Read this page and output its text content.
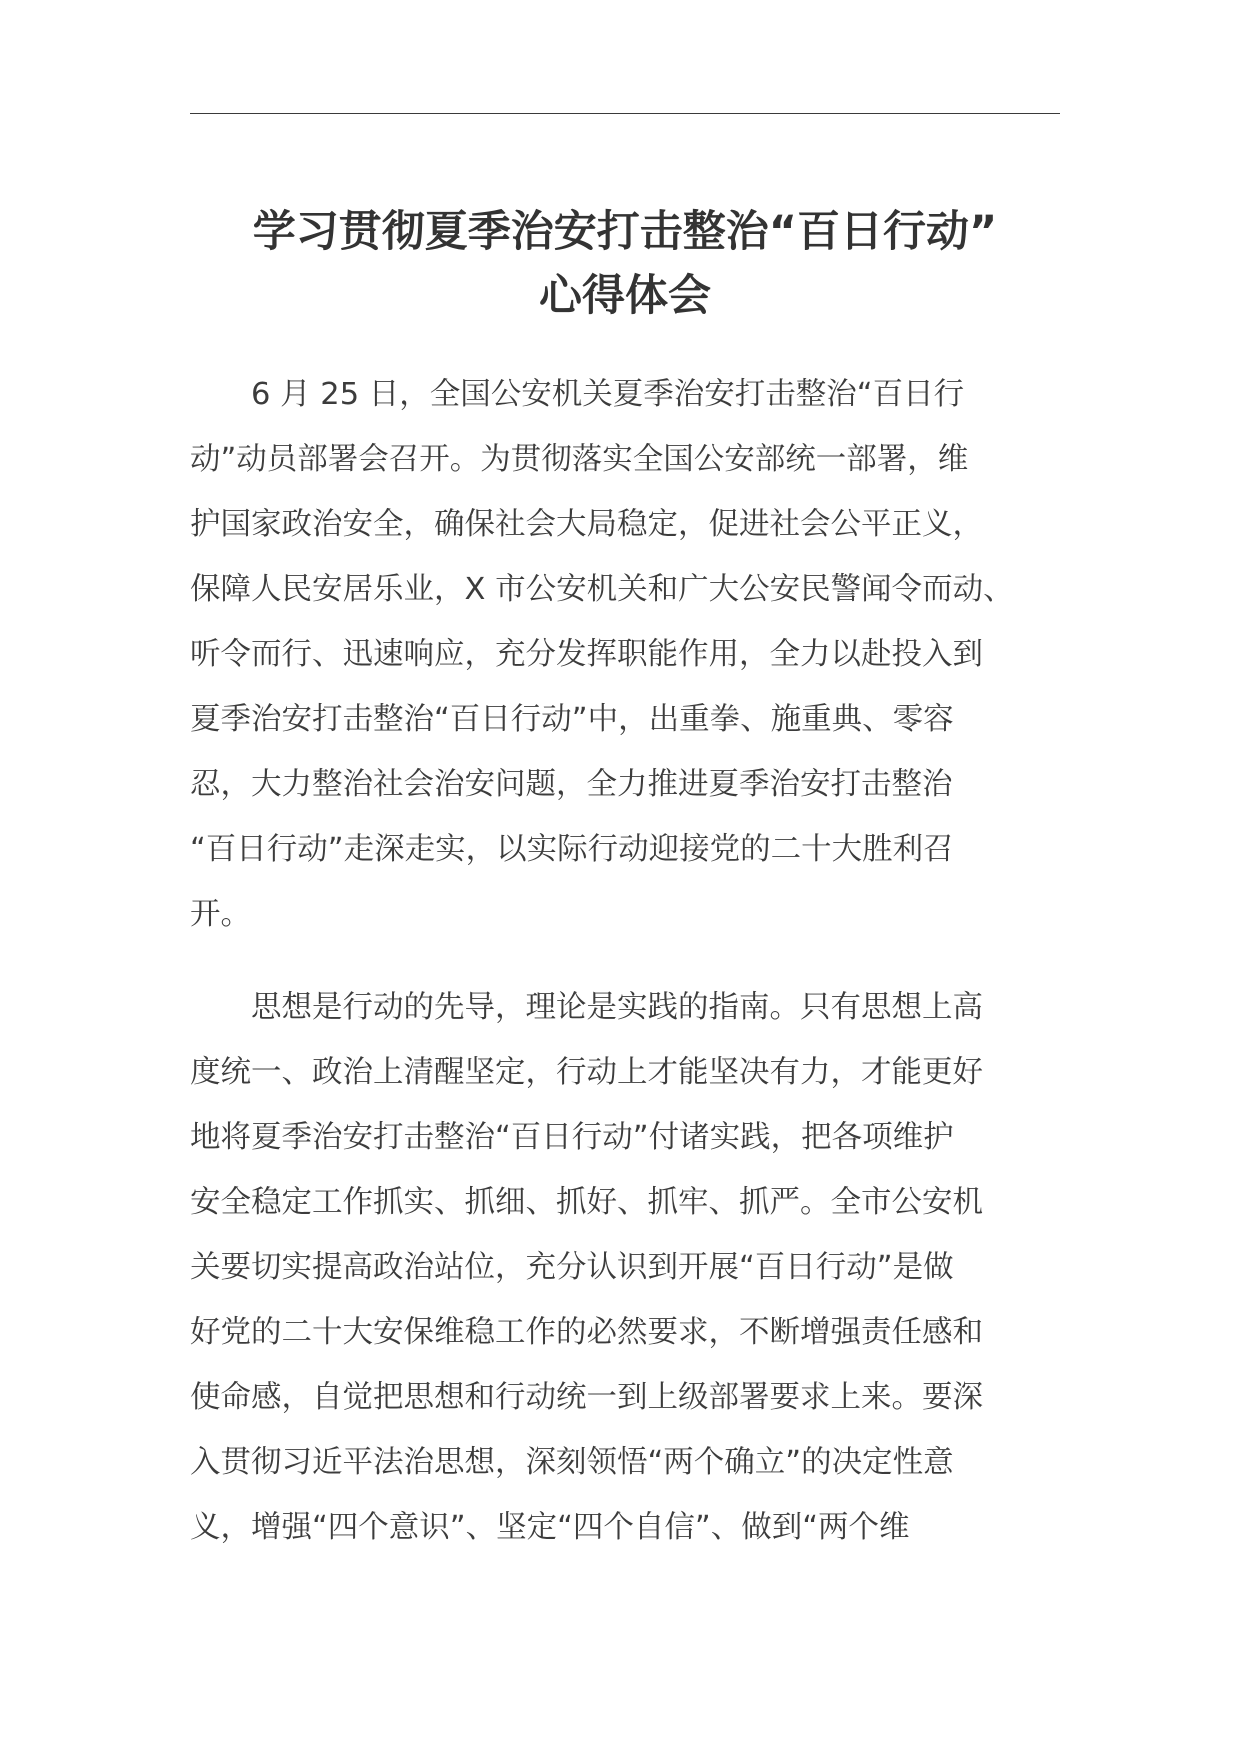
学习贯彻夏季治安打击整治“百日行动”
心得体会
　　6 月 25 日，全国公安机关夏季治安打击整治“百日行
动”动员部署会召开。为贯彻落实全国公安部统一部署，维
护国家政治安全，确保社会大局稳定，促进社会公平正义，
保障人民安居乐业，X 市公安机关和广大公安民警闻令而动、
听令而行、迅速响应，充分发挥职能作用，全力以赴投入到
夏季治安打击整治“百日行动”中，出重拳、施重典、零容
忍，大力整治社会治安问题，全力推进夏季治安打击整治
“百日行动”走深走实，以实际行动迎接党的二十大胜利召
开。
　　思想是行动的先导，理论是实践的指南。只有思想上高
度统一、政治上清醒坚定，行动上才能坚决有力，才能更好
地将夏季治安打击整治“百日行动”付诸实践，把各项维护
安全稳定工作抓实、抓细、抓好、抓牢、抓严。全市公安机
关要切实提高政治站位，充分认识到开展“百日行动”是做
好党的二十大安保维稳工作的必然要求，不断增强责任感和
使命感，自觉把思想和行动统一到上级部署要求上来。要深
入贯彻习近平法治思想，深刻领悟“两个确立”的决定性意
义，增强“四个意识”、坚定“四个自信”、做到“两个维
